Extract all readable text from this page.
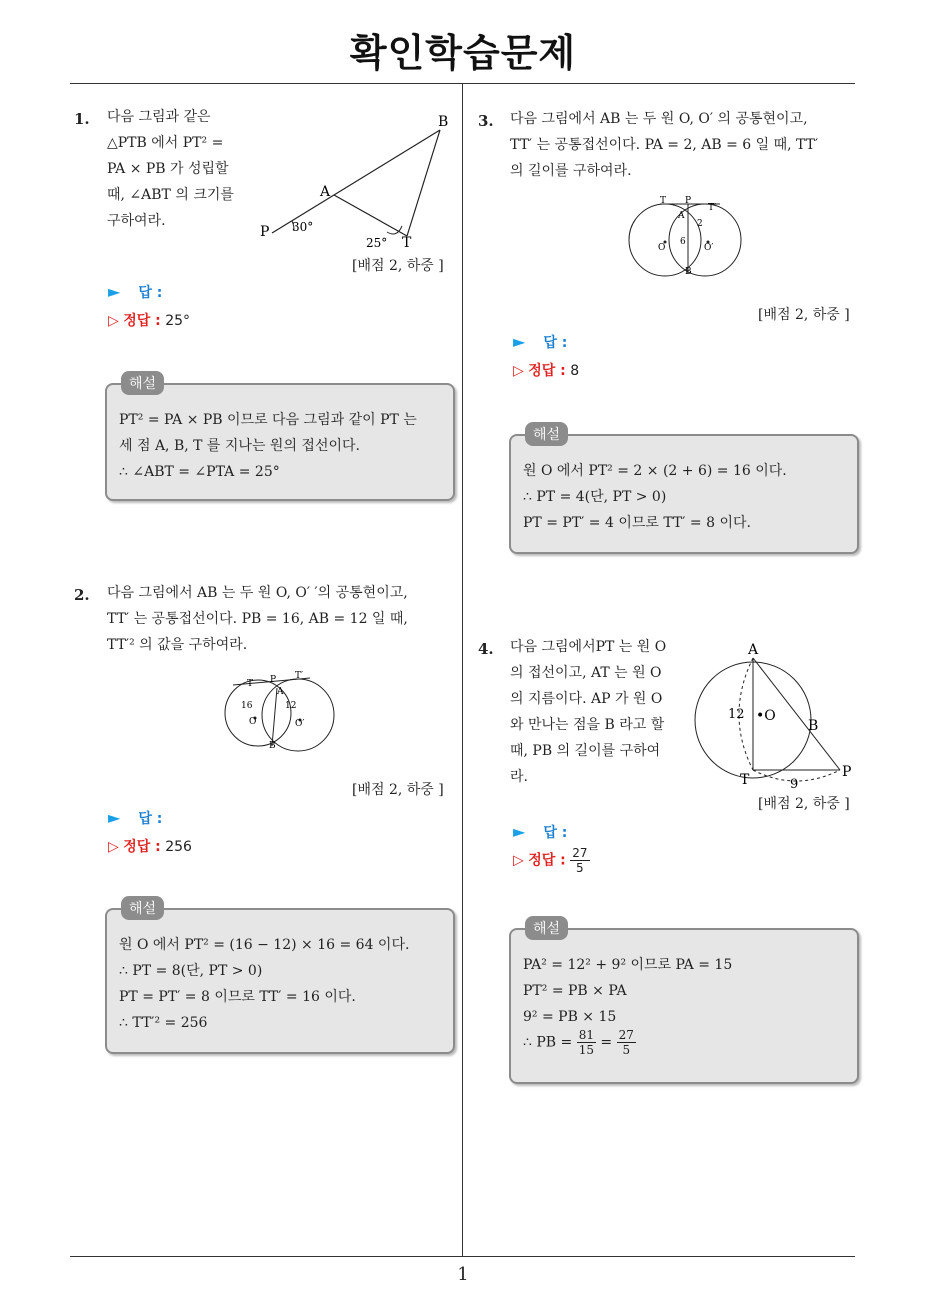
확인학습문제
1
1. 다음 그림과 같은
△PTB 에서 PT² =
PA × PB 가 성립할
때, ∠ABT 의 크기를
구하여라.
B
A
P
T
30°
25°
[배점 2, 하중 ]
► 답 :
▷ 정답 : 25°
해설
PT² = PA × PB 이므로 다음 그림과 같이 PT 는
세 점 A, B, T 를 지나는 원의 접선이다.
∴ ∠ABT = ∠PTA = 25°
2. 다음 그림에서 AB 는 두 원 O, O′ ′의 공통현이고,
TT′ 는 공통접선이다. PB = 16, AB = 12 일 때,
TT′² 의 값을 구하여라.
T P T′
A
16	12
O	O′
B
[배점 2, 하중 ]
► 답 :
▷ 정답 : 256
해설
원 O 에서 PT² = (16 − 12) × 16 = 64 이다.
∴ PT = 8(단, PT > 0)
PT = PT′ = 8 이므로 TT′ = 16 이다.
∴ TT′² = 256
3. 다음 그림에서 AB 는 두 원 O, O′ 의 공통현이고,
TT′ 는 공통접선이다. PA = 2, AB = 6 일 때, TT′
의 길이를 구하여라.
T P
T′
A
2
6
O	O′
B
[배점 2, 하중 ]
► 답 :
▷ 정답 : 8
해설
원 O 에서 PT² = 2 × (2 + 6) = 16 이다.
∴ PT = 4(단, PT > 0)
PT = PT′ = 4 이므로 TT′ = 8 이다.
4. 다음 그림에서PT 는 원 O
의 접선이고, AT 는 원 O
의 지름이다. AP 가 원 O
와 만나는 점을 B 라고 할
때, PB 의 길이를 구하여
라.
A
•O
B
T	P
12
9
[배점 2, 하중 ]
► 답 :
▷ 정답 : $\frac{27}{5}$
해설
PA² = 12² + 9² 이므로 PA = 15
PT² = PB × PA
9² = PB × 15
∴ PB = $\frac{81}{15} = \frac{27}{5}$
